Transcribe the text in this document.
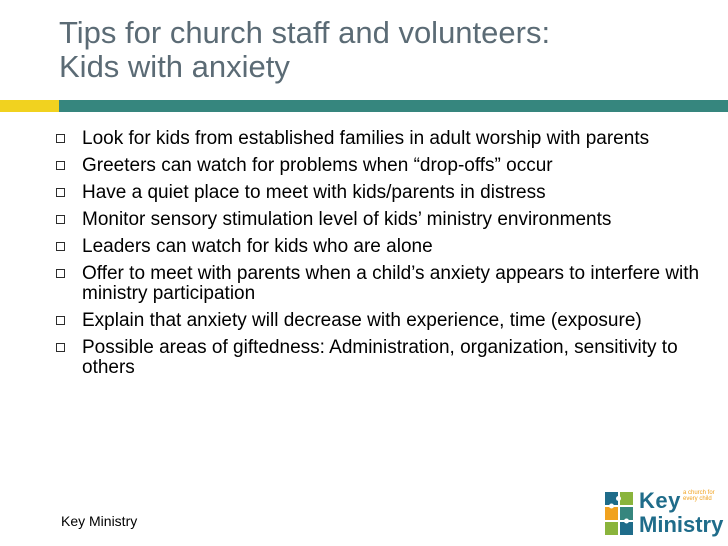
Tips for church staff and volunteers:
Kids with anxiety
Look for kids from established families in adult worship with parents
Greeters can watch for problems when “drop-offs” occur
Have a quiet place to meet with kids/parents in distress
Monitor sensory stimulation level of kids’ ministry environments
Leaders can watch for kids who are alone
Offer to meet with parents when a child’s anxiety appears to interfere with ministry participation
Explain that anxiety will decrease with experience, time (exposure)
Possible areas of giftedness: Administration, organization, sensitivity to others
Key Ministry
Key a church for every child
Ministry
